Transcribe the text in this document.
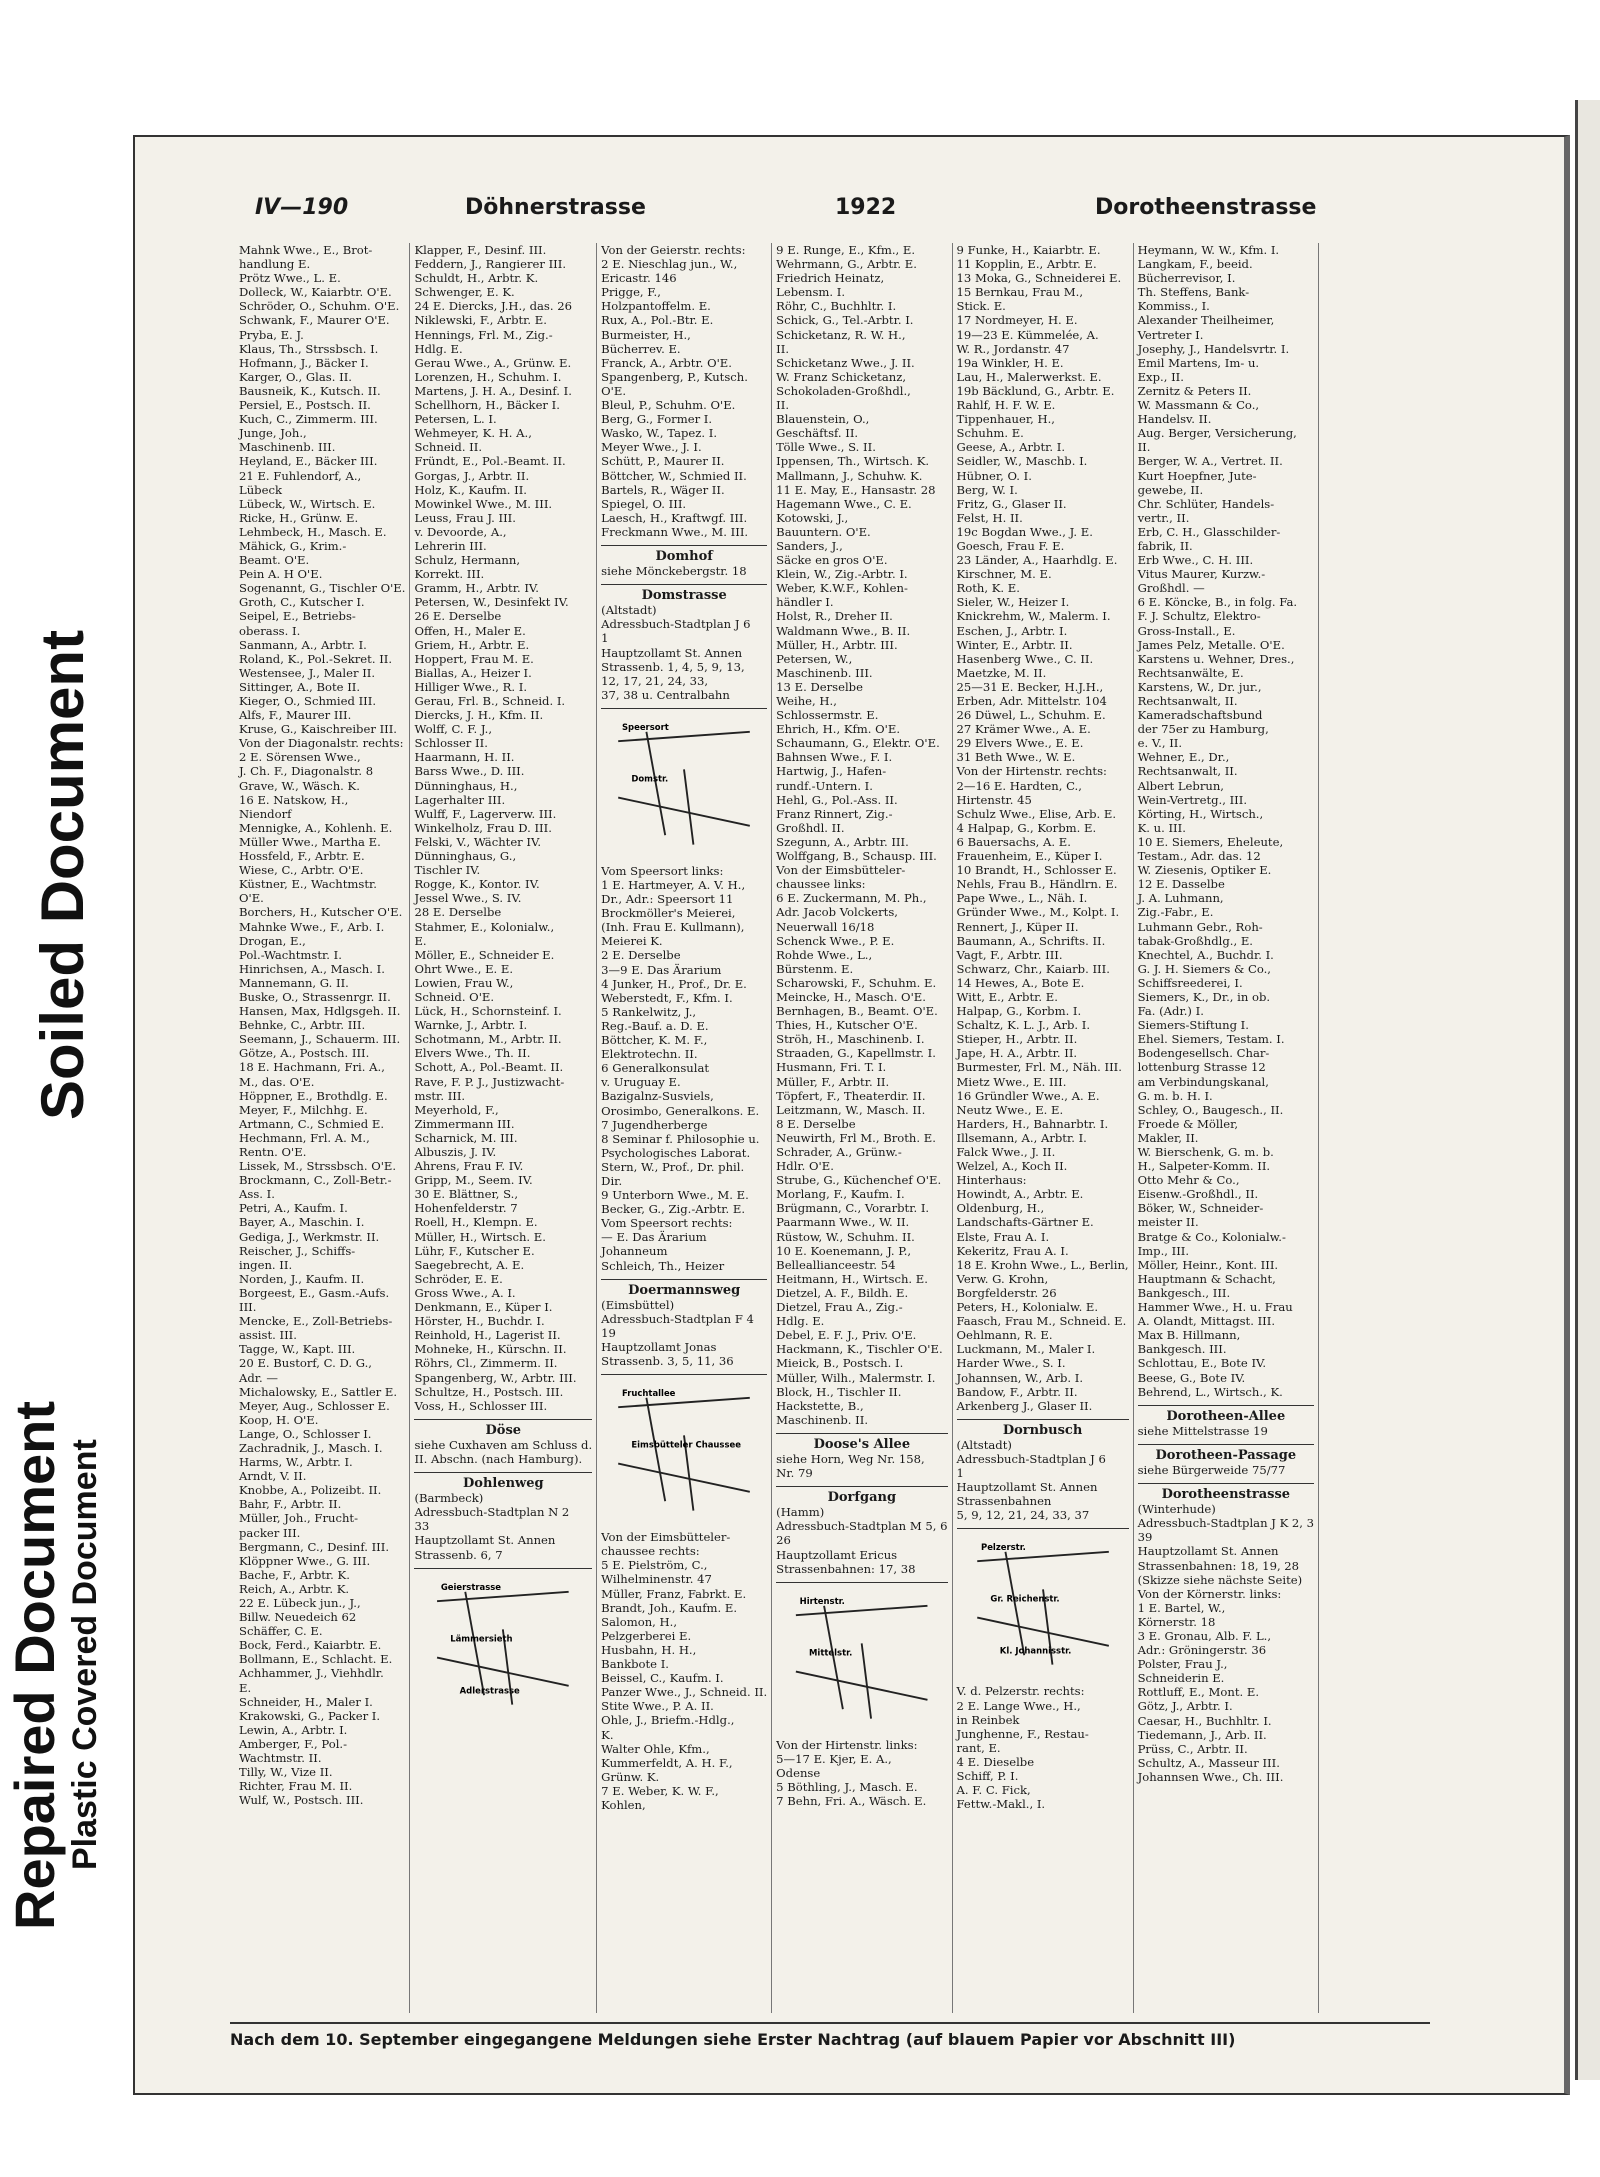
Repaired Document
Soiled Document
Plastic Covered Document
IV—190	Döhnerstrasse	1922	Dorotheenstrasse
Mahnk Wwe., E., Brot-
handlung E.
Prötz Wwe., L. E.
Dolleck, W., Kaiarbtr. O'E.
Schröder, O., Schuhm. O'E.
Schwank, F., Maurer O'E.
Pryba, E. J.
Klaus, Th., Strssbsch. I.
Hofmann, J., Bäcker I.
Karger, O., Glas. II.
Bausneik, K., Kutsch. II.
Persiel, E., Postsch. II.
Kuch, C., Zimmerm. III.
Junge, Joh.,
Maschinenb. III.
Heyland, E., Bäcker III.
21 E. Fuhlendorf, A.,
Lübeck
Lübeck, W., Wirtsch. E.
Ricke, H., Grünw. E.
Lehmbeck, H., Masch. E.
Mähick, G., Krim.-
Beamt. O'E.
Pein A. H O'E.
Sogenannt, G., Tischler O'E.
Groth, C., Kutscher I.
Seipel, E., Betriebs-
oberass. I.
Sanmann, A., Arbtr. I.
Roland, K., Pol.-Sekret. II.
Westensee, J., Maler II.
Sittinger, A., Bote II.
Kieger, O., Schmied III.
Alfs, F., Maurer III.
Kruse, G., Kaischreiber III.
Von der Diagonalstr. rechts:
2 E. Sörensen Wwe.,
J. Ch. F., Diagonalstr. 8
Grave, W., Wäsch. K.
16 E. Natskow, H.,
Niendorf
Mennigke, A., Kohlenh. E.
Müller Wwe., Martha E.
Hossfeld, F., Arbtr. E.
Wiese, C., Arbtr. O'E.
Küstner, E., Wachtmstr.
O'E.
Borchers, H., Kutscher O'E.
Mahnke Wwe., F., Arb. I.
Drogan, E.,
Pol.-Wachtmstr. I.
Hinrichsen, A., Masch. I.
Mannemann, G. II.
Buske, O., Strassenrgr. II.
Hansen, Max, Hdlgsgeh. II.
Behnke, C., Arbtr. III.
Seemann, J., Schauerm. III.
Götze, A., Postsch. III.
18 E. Hachmann, Fri. A.,
M., das. O'E.
Höppner, E., Brothdlg. E.
Meyer, F., Milchhg. E.
Artmann, C., Schmied E.
Hechmann, Frl. A. M.,
Rentn. O'E.
Lissek, M., Strssbsch. O'E.
Brockmann, C., Zoll-Betr.-
Ass. I.
Petri, A., Kaufm. I.
Bayer, A., Maschin. I.
Gediga, J., Werkmstr. II.
Reischer, J., Schiffs-
ingen. II.
Norden, J., Kaufm. II.
Borgeest, E., Gasm.-Aufs.
III.
Mencke, E., Zoll-Betriebs-
assist. III.
Tagge, W., Kapt. III.
20 E. Bustorf, C. D. G.,
Adr. —
Michalowsky, E., Sattler E.
Meyer, Aug., Schlosser E.
Koop, H. O'E.
Lange, O., Schlosser I.
Zachradnik, J., Masch. I.
Harms, W., Arbtr. I.
Arndt, V. II.
Knobbe, A., Polizeibt. II.
Bahr, F., Arbtr. II.
Müller, Joh., Frucht-
packer III.
Bergmann, C., Desinf. III.
Klöppner Wwe., G. III.
Bache, F., Arbtr. K.
Reich, A., Arbtr. K.
22 E. Lübeck jun., J.,
Billw. Neuedeich 62
Schäffer, C. E.
Bock, Ferd., Kaiarbtr. E.
Bollmann, E., Schlacht. E.
Achhammer, J., Viehhdlr.
E.
Schneider, H., Maler I.
Krakowski, G., Packer I.
Lewin, A., Arbtr. I.
Amberger, F., Pol.-
Wachtmstr. II.
Tilly, W., Vize II.
Richter, Frau M. II.
Wulf, W., Postsch. III.
Klapper, F., Desinf. III.
Feddern, J., Rangierer III.
Schuldt, H., Arbtr. K.
Schwenger, E. K.
24 E. Diercks, J.H., das. 26
Niklewski, F., Arbtr. E.
Hennings, Frl. M., Zig.-
Hdlg. E.
Gerau Wwe., A., Grünw. E.
Lorenzen, H., Schuhm. I.
Martens, J. H. A., Desinf. I.
Schellhorn, H., Bäcker I.
Petersen, L. I.
Wehmeyer, K. H. A.,
Schneid. II.
Fründt, E., Pol.-Beamt. II.
Gorgas, J., Arbtr. II.
Holz, K., Kaufm. II.
Mowinkel Wwe., M. III.
Leuss, Frau J. III.
v. Devoorde, A.,
Lehrerin III.
Schulz, Hermann,
Korrekt. III.
Gramm, H., Arbtr. IV.
Petersen, W., Desinfekt IV.
26 E. Derselbe
Offen, H., Maler E.
Griem, H., Arbtr. E.
Hoppert, Frau M. E.
Biallas, A., Heizer I.
Hilliger Wwe., R. I.
Gerau, Frl. B., Schneid. I.
Diercks, J. H., Kfm. II.
Wolff, C. F. J.,
Schlosser II.
Haarmann, H. II.
Barss Wwe., D. III.
Dünninghaus, H.,
Lagerhalter III.
Wulff, F., Lagerverw. III.
Winkelholz, Frau D. III.
Felski, V., Wächter IV.
Dünninghaus, G.,
Tischler IV.
Rogge, K., Kontor. IV.
Jessel Wwe., S. IV.
28 E. Derselbe
Stahmer, E., Kolonialw.,
E.
Möller, E., Schneider E.
Ohrt Wwe., E. E.
Lowien, Frau W.,
Schneid. O'E.
Lück, H., Schornsteinf. I.
Warnke, J., Arbtr. I.
Schotmann, M., Arbtr. II.
Elvers Wwe., Th. II.
Schott, A., Pol.-Beamt. II.
Rave, F. P. J., Justizwacht-
mstr. III.
Meyerhold, F.,
Zimmermann III.
Scharnick, M. III.
Albuszis, J. IV.
Ahrens, Frau F. IV.
Gripp, M., Seem. IV.
30 E. Blättner, S.,
Hohenfelderstr. 7
Roell, H., Klempn. E.
Müller, H., Wirtsch. E.
Lühr, F., Kutscher E.
Saegebrecht, A. E.
Schröder, E. E.
Gross Wwe., A. I.
Denkmann, E., Küper I.
Hörster, H., Buchdr. I.
Reinhold, H., Lagerist II.
Mohneke, H., Kürschn. II.
Röhrs, Cl., Zimmerm. II.
Spangenberg, W., Arbtr. III.
Schultze, H., Postsch. III.
Voss, H., Schlosser III.
Döse
siehe Cuxhaven am Schluss d.
II. Abschn. (nach Hamburg).
Dohlenweg
(Barmbeck)
Adressbuch-Stadtplan N 2
33
Hauptzollamt St. Annen
Strassenb. 6, 7
Geierstrasse
Lämmersieth
Adlerstrasse
Von der Geierstr. rechts:
2 E. Nieschlag jun., W.,
Ericastr. 146
Prigge, F.,
Holzpantoffelm. E.
Rux, A., Pol.-Btr. E.
Burmeister, H.,
Bücherrev. E.
Franck, A., Arbtr. O'E.
Spangenberg, P., Kutsch.
O'E.
Bleul, P., Schuhm. O'E.
Berg, G., Former I.
Wasko, W., Tapez. I.
Meyer Wwe., J. I.
Schütt, P., Maurer II.
Böttcher, W., Schmied II.
Bartels, R., Wäger II.
Spiegel, O. III.
Laesch, H., Kraftwgf. III.
Freckmann Wwe., M. III.
Domhof
siehe Mönckebergstr. 18
Domstrasse
(Altstadt)
Adressbuch-Stadtplan J 6
1
Hauptzollamt St. Annen
Strassenb. 1, 4, 5, 9, 13,
12, 17, 21, 24, 33,
37, 38 u. Centralbahn
Speersort
Domstr.
Vom Speersort links:
1 E. Hartmeyer, A. V. H.,
Dr., Adr.: Speersort 11
Brockmöller's Meierei,
(Inh. Frau E. Kullmann),
Meierei K.
2 E. Derselbe
3—9 E. Das Ärarium
4 Junker, H., Prof., Dr. E.
Weberstedt, F., Kfm. I.
5 Rankelwitz, J.,
Reg.-Bauf. a. D. E.
Böttcher, K. M. F.,
Elektrotechn. II.
6 Generalkonsulat
v. Uruguay E.
Bazigalnz-Susviels,
Orosimbo, Generalkons. E.
7 Jugendherberge
8 Seminar f. Philosophie u.
Psychologisches Laborat.
Stern, W., Prof., Dr. phil.
Dir.
9 Unterborn Wwe., M. E.
Becker, G., Zig.-Arbtr. E.
Vom Speersort rechts:
— E. Das Ärarium
Johanneum
Schleich, Th., Heizer
Doermannsweg
(Eimsbüttel)
Adressbuch-Stadtplan F 4
19
Hauptzollamt Jonas
Strassenb. 3, 5, 11, 36
Fruchtallee
Eimsbütteler Chaussee
Von der Eimsbütteler-
chaussee rechts:
5 E. Pielström, C.,
Wilhelminenstr. 47
Müller, Franz, Fabrkt. E.
Brandt, Joh., Kaufm. E.
Salomon, H.,
Pelzgerberei E.
Husbahn, H. H.,
Bankbote I.
Beissel, C., Kaufm. I.
Panzer Wwe., J., Schneid. II.
Stite Wwe., P. A. II.
Ohle, J., Briefm.-Hdlg.,
K.
Walter Ohle, Kfm.,
Kummerfeldt, A. H. F.,
Grünw. K.
7 E. Weber, K. W. F.,
Kohlen,
9 E. Runge, E., Kfm., E.
Wehrmann, G., Arbtr. E.
Friedrich Heinatz,
Lebensm. I.
Röhr, C., Buchhltr. I.
Schick, G., Tel.-Arbtr. I.
Schicketanz, R. W. H.,
II.
Schicketanz Wwe., J. II.
W. Franz Schicketanz,
Schokoladen-Großhdl.,
II.
Blauenstein, O.,
Geschäftsf. II.
Tölle Wwe., S. II.
Ippensen, Th., Wirtsch. K.
Mallmann, J., Schuhw. K.
11 E. May, E., Hansastr. 28
Hagemann Wwe., C. E.
Kotowski, J.,
Bauuntern. O'E.
Sanders, J.,
Säcke en gros O'E.
Klein, W., Zig.-Arbtr. I.
Weber, K.W.F., Kohlen-
händler I.
Holst, R., Dreher II.
Waldmann Wwe., B. II.
Müller, H., Arbtr. III.
Petersen, W.,
Maschinenb. III.
13 E. Derselbe
Weihe, H.,
Schlossermstr. E.
Ehrich, H., Kfm. O'E.
Schaumann, G., Elektr. O'E.
Bahnsen Wwe., F. I.
Hartwig, J., Hafen-
rundf.-Untern. I.
Hehl, G., Pol.-Ass. II.
Franz Rinnert, Zig.-
Großhdl. II.
Szegunn, A., Arbtr. III.
Wolffgang, B., Schausp. III.
Von der Eimsbütteler-
chaussee links:
6 E. Zuckermann, M. Ph.,
Adr. Jacob Volckerts,
Neuerwall 16/18
Schenck Wwe., P. E.
Rohde Wwe., L.,
Bürstenm. E.
Scharowski, F., Schuhm. E.
Meincke, H., Masch. O'E.
Bernhagen, B., Beamt. O'E.
Thies, H., Kutscher O'E.
Ströh, H., Maschinenb. I.
Straaden, G., Kapellmstr. I.
Husmann, Fri. T. I.
Müller, F., Arbtr. II.
Töpfert, F., Theaterdir. II.
Leitzmann, W., Masch. II.
8 E. Derselbe
Neuwirth, Frl M., Broth. E.
Schrader, A., Grünw.-
Hdlr. O'E.
Strube, G., Küchenchef O'E.
Morlang, F., Kaufm. I.
Brügmann, C., Vorarbtr. I.
Paarmann Wwe., W. II.
Rüstow, W., Schuhm. II.
10 E. Koenemann, J. P.,
Belleallianceestr. 54
Heitmann, H., Wirtsch. E.
Dietzel, A. F., Bildh. E.
Dietzel, Frau A., Zig.-
Hdlg. E.
Debel, E. F. J., Priv. O'E.
Hackmann, K., Tischler O'E.
Mieick, B., Postsch. I.
Müller, Wilh., Malermstr. I.
Block, H., Tischler II.
Hackstette, B.,
Maschinenb. II.
Doose's Allee
siehe Horn, Weg Nr. 158,
Nr. 79
Dorfgang
(Hamm)
Adressbuch-Stadtplan M 5, 6
26
Hauptzollamt Ericus
Strassenbahnen: 17, 38
Hirtenstr.
Mittelstr.
Von der Hirtenstr. links:
5—17 E. Kjer, E. A.,
Odense
5 Böthling, J., Masch. E.
7 Behn, Fri. A., Wäsch. E.
9 Funke, H., Kaiarbtr. E.
11 Kopplin, E., Arbtr. E.
13 Moka, G., Schneiderei E.
15 Bernkau, Frau M.,
Stick. E.
17 Nordmeyer, H. E.
19—23 E. Kümmelée, A.
W. R., Jordanstr. 47
19a Winkler, H. E.
Lau, H., Malerwerkst. E.
19b Bäcklund, G., Arbtr. E.
Rahlf, H. F. W. E.
Tippenhauer, H.,
Schuhm. E.
Geese, A., Arbtr. I.
Seidler, W., Maschb. I.
Hübner, O. I.
Berg, W. I.
Fritz, G., Glaser II.
Felst, H. II.
19c Bogdan Wwe., J. E.
Goesch, Frau F. E.
23 Länder, A., Haarhdlg. E.
Kirschner, M. E.
Roth, K. E.
Sieler, W., Heizer I.
Knickrehm, W., Malerm. I.
Eschen, J., Arbtr. I.
Winter, E., Arbtr. II.
Hasenberg Wwe., C. II.
Maetzke, M. II.
25—31 E. Becker, H.J.H.,
Erben, Adr. Mittelstr. 104
26 Düwel, L., Schuhm. E.
27 Krämer Wwe., A. E.
29 Elvers Wwe., E. E.
31 Beth Wwe., W. E.
Von der Hirtenstr. rechts:
2—16 E. Hardten, C.,
Hirtenstr. 45
Schulz Wwe., Elise, Arb. E.
4 Halpap, G., Korbm. E.
6 Bauersachs, A. E.
Frauenheim, E., Küper I.
10 Brandt, H., Schlosser E.
Nehls, Frau B., Händlrn. E.
Pape Wwe., L., Näh. I.
Gründer Wwe., M., Kolpt. I.
Rennert, J., Küper II.
Baumann, A., Schrifts. II.
Vagt, F., Arbtr. III.
Schwarz, Chr., Kaiarb. III.
14 Hewes, A., Bote E.
Witt, E., Arbtr. E.
Halpap, G., Korbm. I.
Schaltz, K. L. J., Arb. I.
Stieper, H., Arbtr. II.
Jape, H. A., Arbtr. II.
Burmester, Frl. M., Näh. III.
Mietz Wwe., E. III.
16 Gründler Wwe., A. E.
Neutz Wwe., E. E.
Harders, H., Bahnarbtr. I.
Illsemann, A., Arbtr. I.
Falck Wwe., J. II.
Welzel, A., Koch II.
Hinterhaus:
Howindt, A., Arbtr. E.
Oldenburg, H.,
Landschafts-Gärtner E.
Elste, Frau A. I.
Kekeritz, Frau A. I.
18 E. Krohn Wwe., L., Berlin,
Verw. G. Krohn,
Borgfelderstr. 26
Peters, H., Kolonialw. E.
Faasch, Frau M., Schneid. E.
Oehlmann, R. E.
Luckmann, M., Maler I.
Harder Wwe., S. I.
Johannsen, W., Arb. I.
Bandow, F., Arbtr. II.
Arkenberg J., Glaser II.
Dornbusch
(Altstadt)
Adressbuch-Stadtplan J 6
1
Hauptzollamt St. Annen
Strassenbahnen
5, 9, 12, 21, 24, 33, 37
Pelzerstr.
Gr. Reichenstr.
Kl. Johannisstr.
V. d. Pelzerstr. rechts:
2 E. Lange Wwe., H.,
in Reinbek
Junghenne, F., Restau-
rant, E.
4 E. Dieselbe
Schiff, P. I.
A. F. C. Fick,
Fettw.-Makl., I.
Heymann, W. W., Kfm. I.
Langkam, F., beeid.
Bücherrevisor, I.
Th. Steffens, Bank-
Kommiss., I.
Alexander Theilheimer,
Vertreter I.
Josephy, J., Handelsvrtr. I.
Emil Martens, Im- u.
Exp., II.
Zernitz & Peters II.
W. Massmann & Co.,
Handelsv. II.
Aug. Berger, Versicherung,
II.
Berger, W. A., Vertret. II.
Kurt Hoepfner, Jute-
gewebe, II.
Chr. Schlüter, Handels-
vertr., II.
Erb, C. H., Glasschilder-
fabrik, II.
Erb Wwe., C. H. III.
Vitus Maurer, Kurzw.-
Großhdl. —
6 E. Köncke, B., in folg. Fa.
F. J. Schultz, Elektro-
Gross-Install., E.
James Pelz, Metalle. O'E.
Karstens u. Wehner, Dres.,
Rechtsanwälte, E.
Karstens, W., Dr. jur.,
Rechtsanwalt, II.
Kameradschaftsbund
der 75er zu Hamburg,
e. V., II.
Wehner, E., Dr.,
Rechtsanwalt, II.
Albert Lebrun,
Wein-Vertretg., III.
Körting, H., Wirtsch.,
K. u. III.
10 E. Siemers, Eheleute,
Testam., Adr. das. 12
W. Ziesenis, Optiker E.
12 E. Dasselbe
J. A. Luhmann,
Zig.-Fabr., E.
Luhmann Gebr., Roh-
tabak-Großhdlg., E.
Knechtel, A., Buchdr. I.
G. J. H. Siemers & Co.,
Schiffsreederei, I.
Siemers, K., Dr., in ob.
Fa. (Adr.) I.
Siemers-Stiftung I.
Ehel. Siemers, Testam. I.
Bodengesellsch. Char-
lottenburg Strasse 12
am Verbindungskanal,
G. m. b. H. I.
Schley, O., Baugesch., II.
Froede & Möller,
Makler, II.
W. Bierschenk, G. m. b.
H., Salpeter-Komm. II.
Otto Mehr & Co.,
Eisenw.-Großhdl., II.
Böker, W., Schneider-
meister II.
Bratge & Co., Kolonialw.-
Imp., III.
Möller, Heinr., Kont. III.
Hauptmann & Schacht,
Bankgesch., III.
Hammer Wwe., H. u. Frau
A. Olandt, Mittagst. III.
Max B. Hillmann,
Bankgesch. III.
Schlottau, E., Bote IV.
Beese, G., Bote IV.
Behrend, L., Wirtsch., K.
Dorotheen-Allee
siehe Mittelstrasse 19
Dorotheen-Passage
siehe Bürgerweide 75/77
Dorotheenstrasse
(Winterhude)
Adressbuch-Stadtplan J K 2, 3
39
Hauptzollamt St. Annen
Strassenbahnen: 18, 19, 28
(Skizze siehe nächste Seite)
Von der Körnerstr. links:
1 E. Bartel, W.,
Körnerstr. 18
3 E. Gronau, Alb. F. L.,
Adr.: Gröningerstr. 36
Polster, Frau J.,
Schneiderin E.
Rottluff, E., Mont. E.
Götz, J., Arbtr. I.
Caesar, H., Buchhltr. I.
Tiedemann, J., Arb. II.
Prüss, C., Arbtr. II.
Schultz, A., Masseur III.
Johannsen Wwe., Ch. III.
Nach dem 10. September eingegangene Meldungen siehe Erster Nachtrag (auf blauem Papier vor Abschnitt III)
